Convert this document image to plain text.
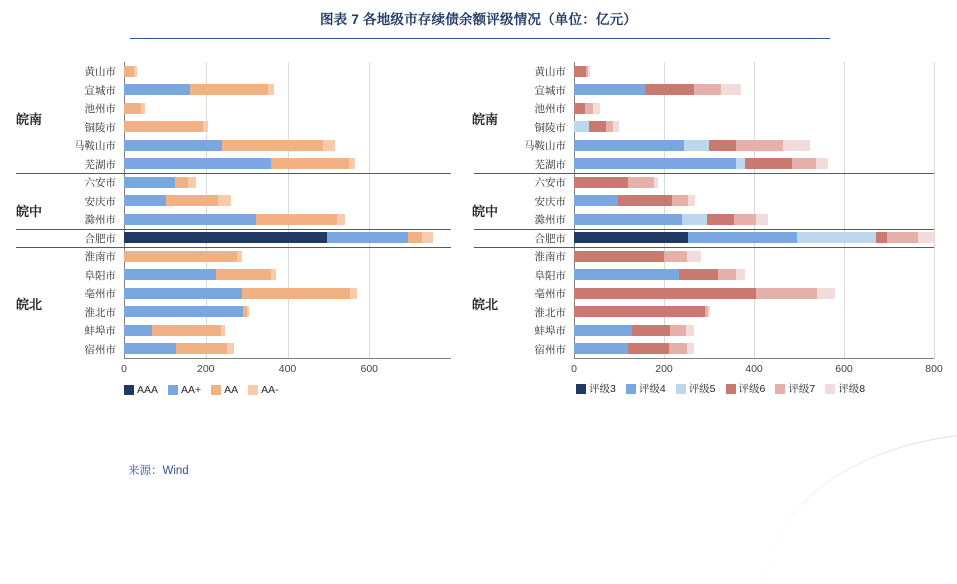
图表 7 各地级市存续债余额评级情况（单位：亿元）
AAA AA+ AA AA-
0	200	400	600
黄山市
宣城市
池州市
铜陵市
马鞍山市
芜湖市
六安市
安庆市
滁州市
合肥市
淮南市
阜阳市
亳州市
淮北市
蚌埠市
宿州市
皖南
皖中
皖北
评级3 评级4 评级5 评级6 评级7 评级8
0	200	400	600	800
黄山市
宣城市
池州市
铜陵市
马鞍山市
芜湖市
六安市
安庆市
滁州市
合肥市
淮南市
阜阳市
亳州市
淮北市
蚌埠市
宿州市
皖南
皖中
皖北
来源：Wind
